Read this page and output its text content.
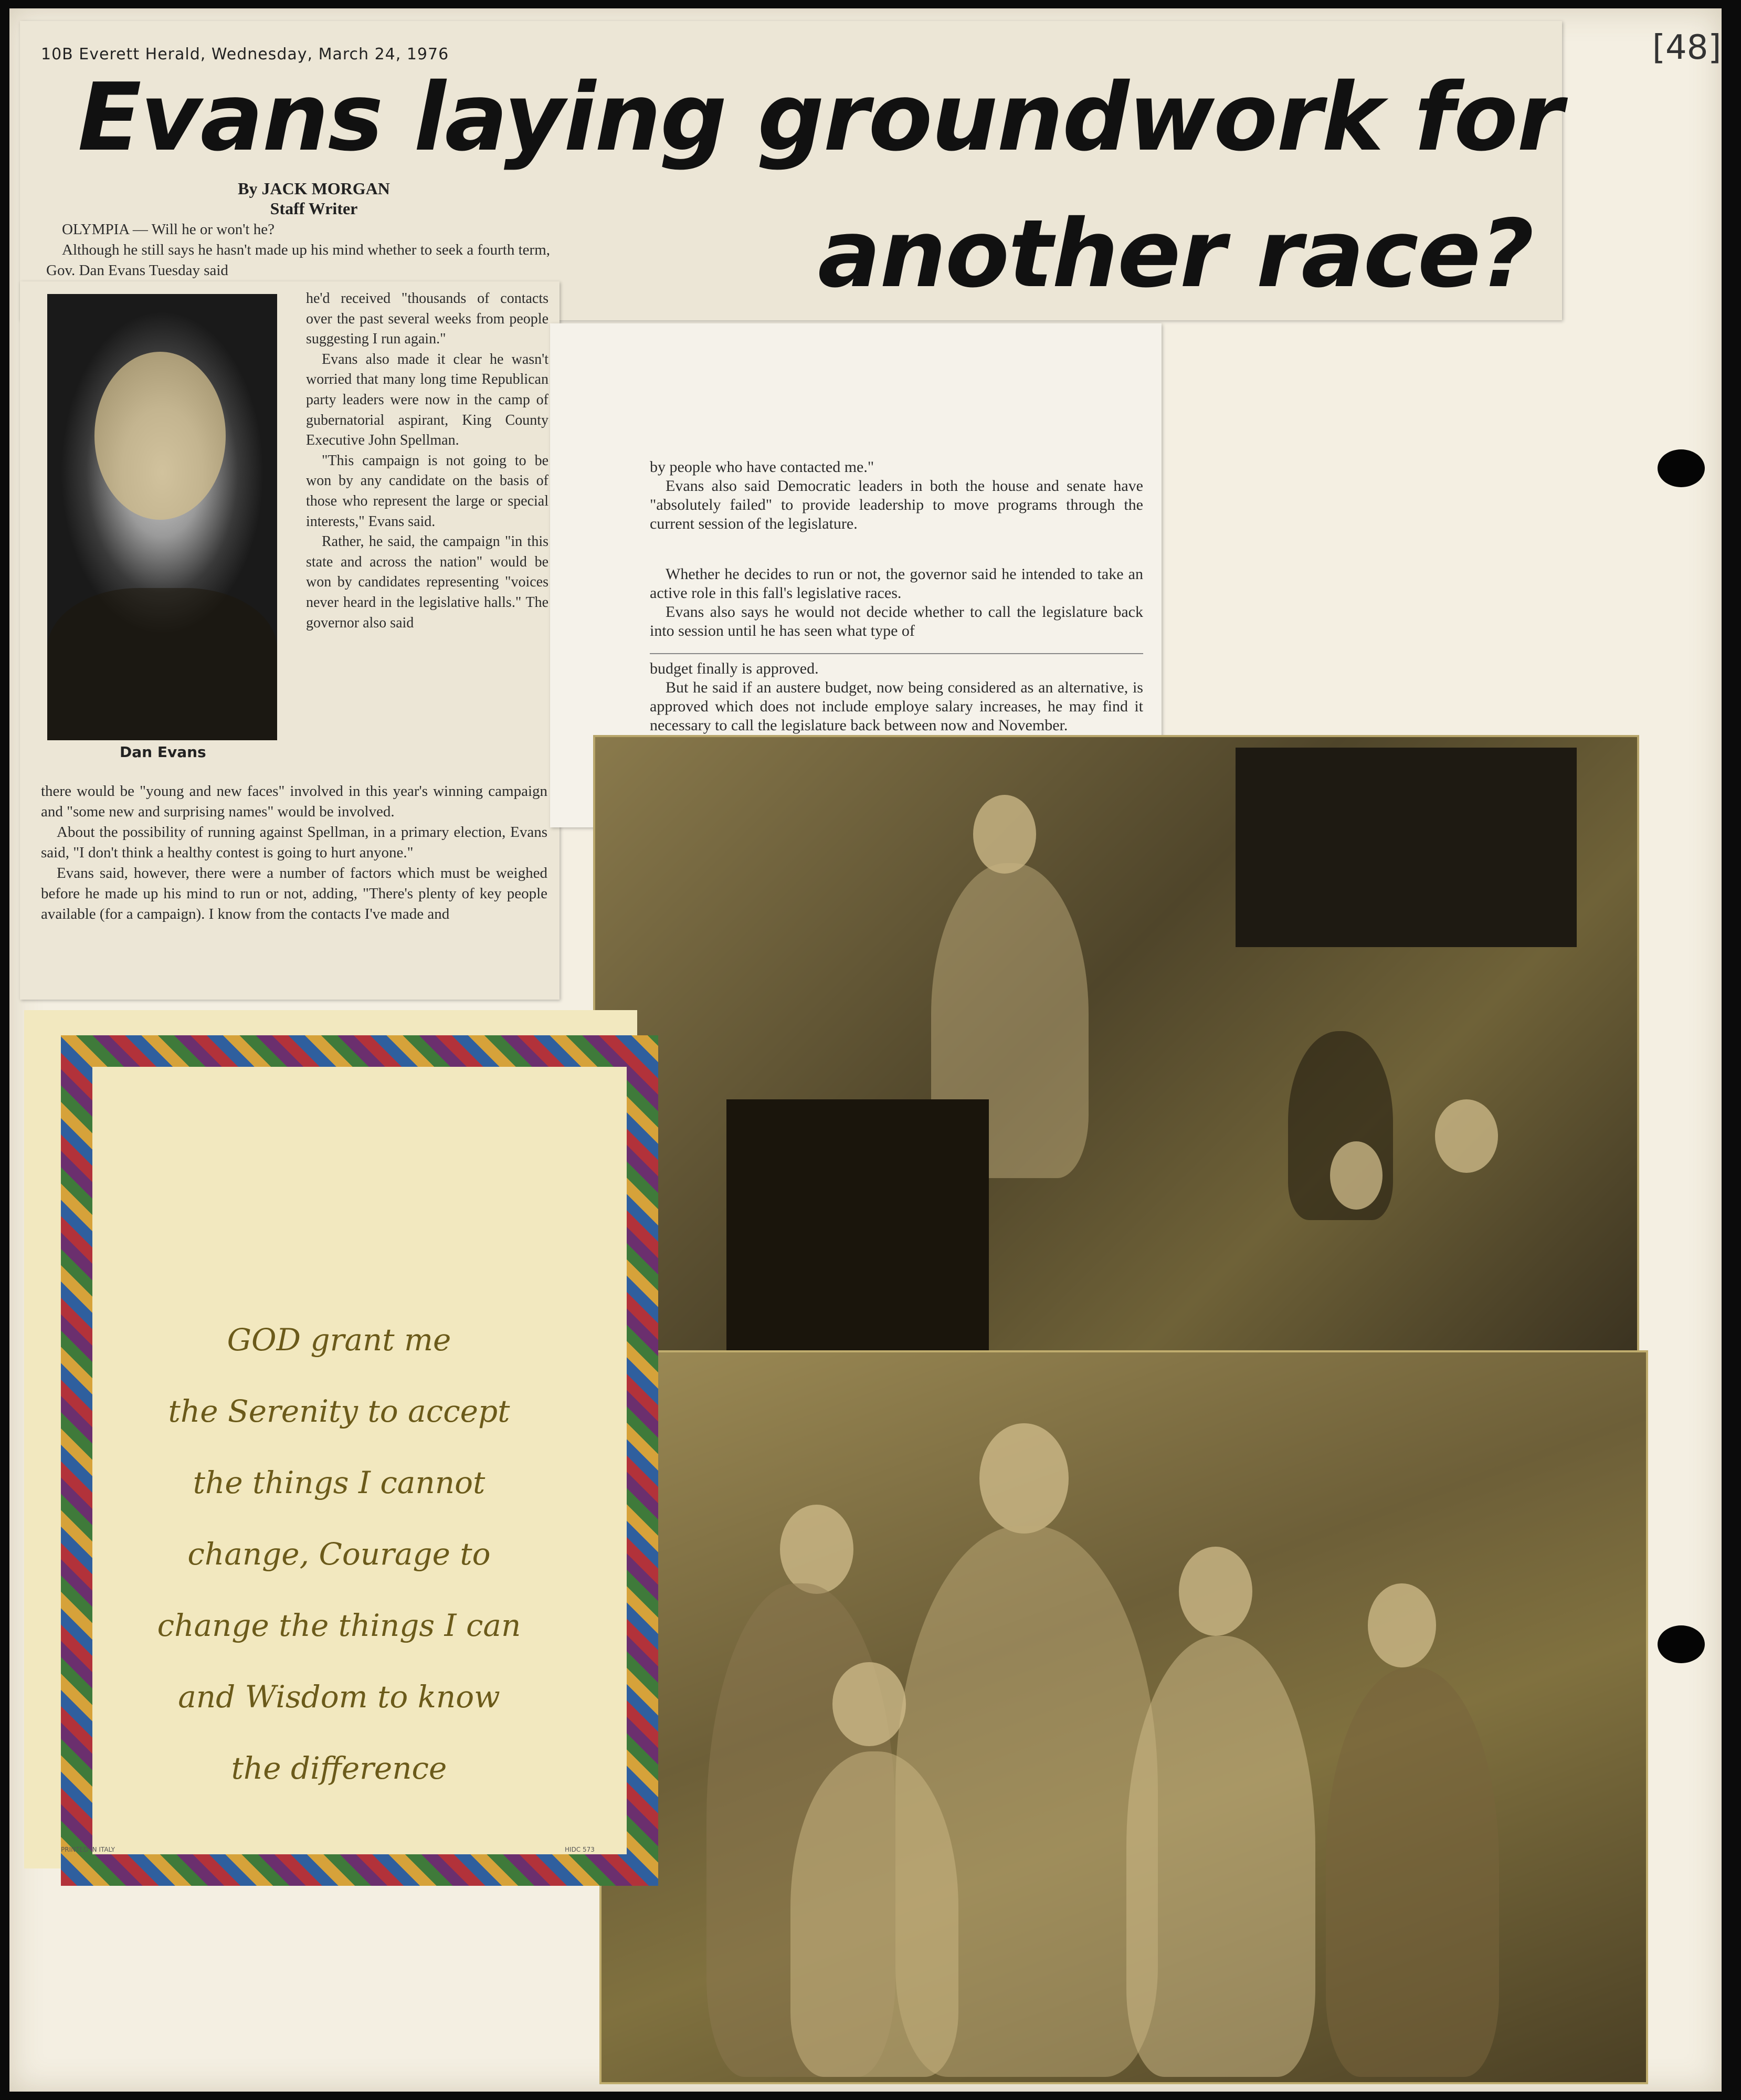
[48]
10B Everett Herald, Wednesday, March 24, 1976
Evans laying groundwork for
another race?
By JACK MORGAN
Staff Writer

OLYMPIA — Will he or won't he?

Although he still says he hasn't made up his mind whether to seek a fourth term, Gov. Dan Evans Tuesday said

Dan Evans

he'd received "thousands of contacts over the past several weeks from people suggesting I run again."

Evans also made it clear he wasn't worried that many long time Republican party leaders were now in the camp of gubernatorial aspirant, King County Executive John Spellman.

"This campaign is not going to be won by any candidate on the basis of those who represent the large or special interests," Evans said.

Rather, he said, the campaign "in this state and across the nation" would be won by candidates representing "voices never heard in the legislative halls." The governor also said

there would be "young and new faces" involved in this year's winning campaign and "some new and surprising names" would be involved.

About the possibility of running against Spellman, in a primary election, Evans said, "I don't think a healthy contest is going to hurt anyone."

Evans said, however, there were a number of factors which must be weighed before he made up his mind to run or not, adding, "There's plenty of key people available (for a campaign). I know from the contacts I've made and

by people who have contacted me."

Evans also said Democratic leaders in both the house and senate have "absolutely failed" to provide leadership to move programs through the current session of the legislature.

Whether he decides to run or not, the governor said he intended to take an active role in this fall's legislative races.

Evans also says he would not decide whether to call the legislature back into session until he has seen what type of

budget finally is approved.

But he said if an austere budget, now being considered as an alternative, is approved which does not include employe salary increases, he may find it necessary to call the legislature back between now and November.

GOD grant me
the Serenity to accept
the things I cannot
change, Courage to
change the things I can
and Wisdom to know
the difference
PRINTED IN ITALY	HIDC 573
